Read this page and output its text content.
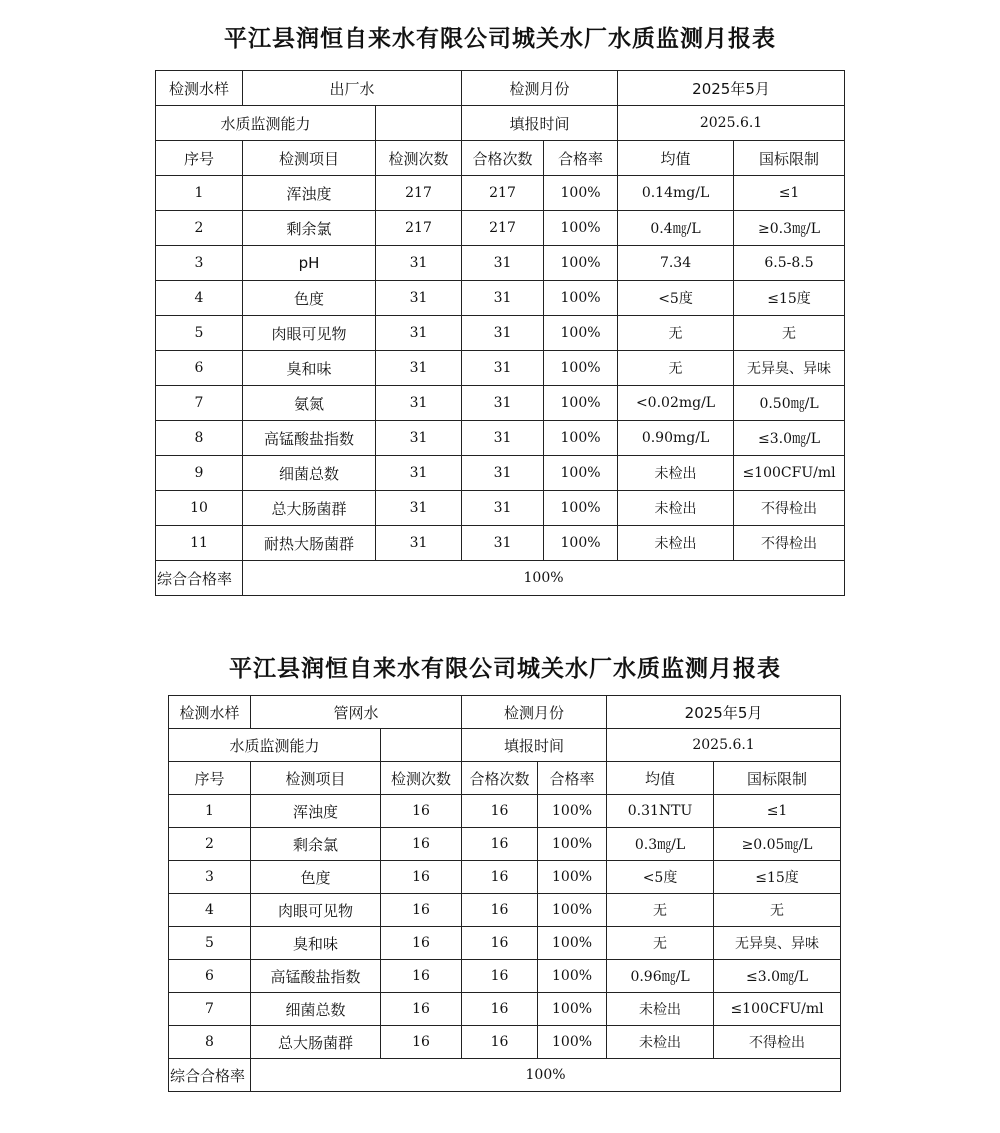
平江县润恒自来水有限公司城关水厂水质监测月报表
检测水样	出厂水		检测月份		2025年5月	
水质监测能力			填报时间		2025.6.1	
序号	检测项目	检测次数	合格次数	合格率	均值	国标限制
1	浑浊度	217	217	100%	0.14mg/L	≤1
2	剩余氯	217	217	100%	0.4㎎/L	≥0.3㎎/L
3	pH	31	31	100%	7.34	6.5-8.5
4	色度	31	31	100%	<5度	≤15度
5	肉眼可见物	31	31	100%	无	无
6	臭和味	31	31	100%	无	无异臭、异味
7	氨氮	31	31	100%	<0.02mg/L	0.50㎎/L
8	高锰酸盐指数	31	31	100%	0.90mg/L	≤3.0㎎/L
9	细菌总数	31	31	100%	未检出	≤100CFU/ml
10	总大肠菌群	31	31	100%	未检出	不得检出
11	耐热大肠菌群	31	31	100%	未检出	不得检出
综合合格率	100%					
平江县润恒自来水有限公司城关水厂水质监测月报表
检测水样	管网水		检测月份		2025年5月	
水质监测能力			填报时间		2025.6.1	
序号	检测项目	检测次数	合格次数	合格率	均值	国标限制
1	浑浊度	16	16	100%	0.31NTU	≤1
2	剩余氯	16	16	100%	0.3㎎/L	≥0.05㎎/L
3	色度	16	16	100%	<5度	≤15度
4	肉眼可见物	16	16	100%	无	无
5	臭和味	16	16	100%	无	无异臭、异味
6	高锰酸盐指数	16	16	100%	0.96㎎/L	≤3.0㎎/L
7	细菌总数	16	16	100%	未检出	≤100CFU/ml
8	总大肠菌群	16	16	100%	未检出	不得检出
综合合格率	100%					
